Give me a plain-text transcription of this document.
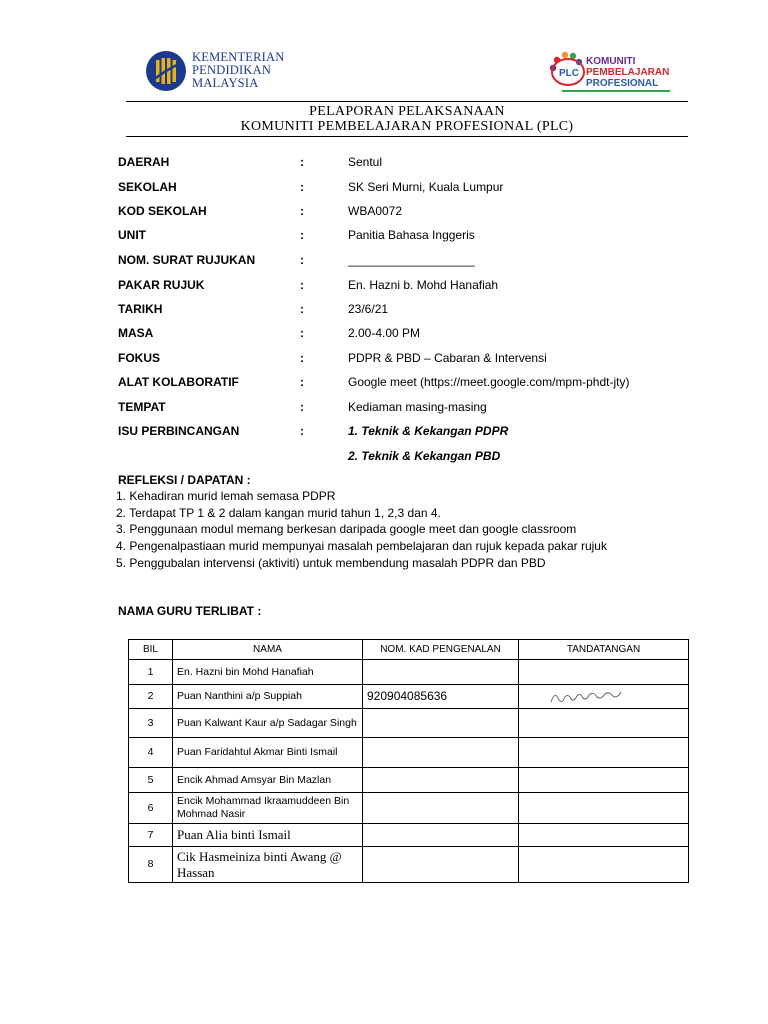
KEMENTERIAN
PENDIDIKAN
MALAYSIA
PLC
KOMUNITI
PEMBELAJARAN
PROFESIONAL
PELAPORAN PELAKSANAAN
KOMUNITI PEMBELAJARAN PROFESIONAL (PLC)
DAERAH	:	Sentul
SEKOLAH	:	SK Seri Murni, Kuala Lumpur
KOD SEKOLAH	:	WBA0072
UNIT	:	Panitia Bahasa Inggeris
NOM. SURAT RUJUKAN	:	___________________
PAKAR RUJUK	:	En. Hazni b. Mohd Hanafiah
TARIKH	:	23/6/21
MASA	:	2.00-4.00 PM
FOKUS	:	PDPR & PBD – Cabaran & Intervensi
ALAT KOLABORATIF	:	Google meet (https://meet.google.com/mpm-phdt-jty)
TEMPAT	:	Kediaman masing-masing
ISU PERBINCANGAN	:	1. Teknik & Kekangan PDPR
2. Teknik & Kekangan PBD
REFLEKSI / DAPATAN :
1. Kehadiran murid lemah semasa PDPR
2. Terdapat TP 1 & 2 dalam kangan murid tahun 1, 2,3 dan 4.
3. Penggunaan modul memang berkesan daripada google meet dan google classroom
4. Pengenalpastiaan murid mempunyai masalah pembelajaran dan rujuk kepada pakar rujuk
5. Penggubalan intervensi (aktiviti) untuk membendung masalah PDPR dan PBD
NAMA GURU TERLIBAT :
BIL	NAMA	NOM. KAD PENGENALAN	TANDATANGAN
1	En. Hazni bin Mohd Hanafiah		
2	Puan Nanthini a/p Suppiah	920904085636	

3	Puan Kalwant Kaur a/p Sadagar Singh		
4	Puan Faridahtul Akmar Binti Ismail		
5	Encik Ahmad Amsyar Bin Mazlan		
6	Encik Mohammad Ikraamuddeen Bin Mohmad Nasir		
7	Puan Alia binti Ismail		
8	Cik Hasmeiniza binti Awang @ Hassan		
